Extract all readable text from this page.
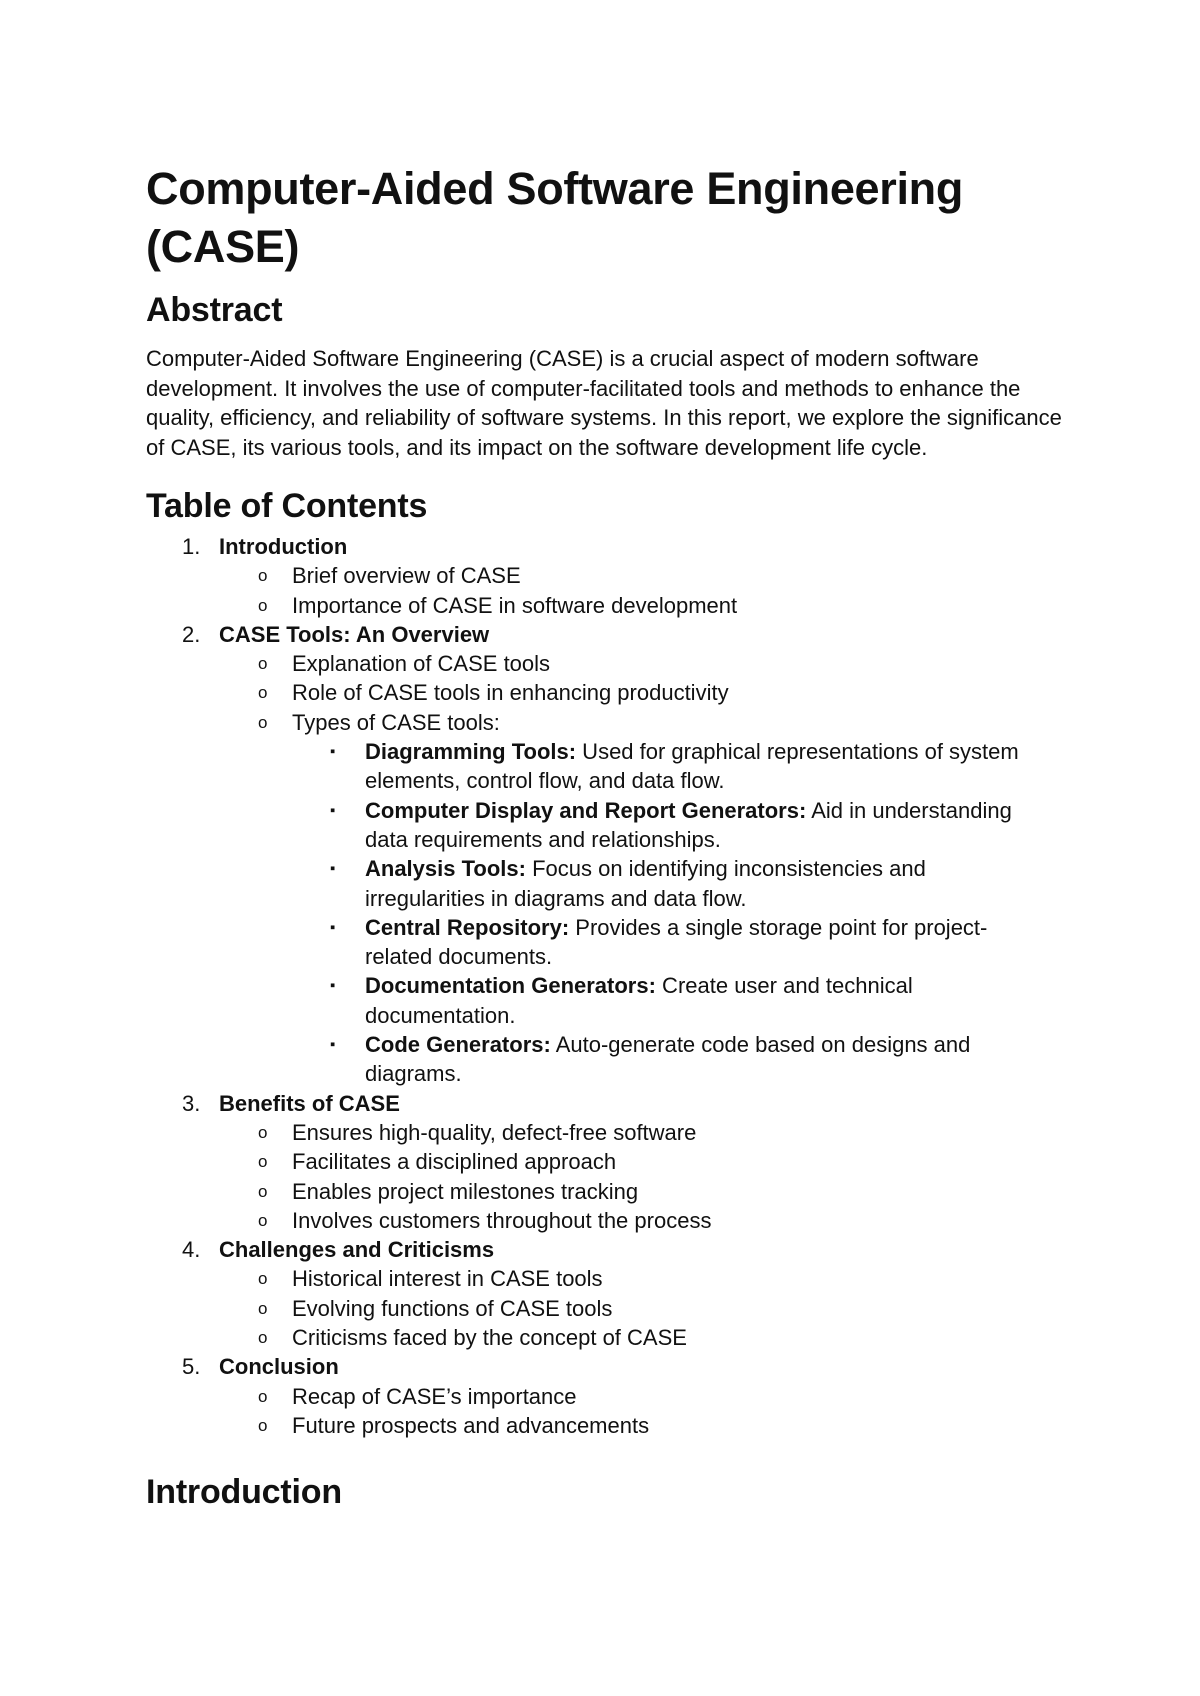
Computer-Aided Software Engineering (CASE)
Abstract

Computer-Aided Software Engineering (CASE) is a crucial aspect of modern software development. It involves the use of computer-facilitated tools and methods to enhance the quality, efficiency, and reliability of software systems. In this report, we explore the significance of CASE, its various tools, and its impact on the software development life cycle.

Table of Contents
1. Introduction
o Brief overview of CASE
o Importance of CASE in software development
2. CASE Tools: An Overview
o Explanation of CASE tools
o Role of CASE tools in enhancing productivity
o Types of CASE tools:
▪ Diagramming Tools: Used for graphical representations of system elements, control flow, and data flow.
▪ Computer Display and Report Generators: Aid in understanding data requirements and relationships.
▪ Analysis Tools: Focus on identifying inconsistencies and irregularities in diagrams and data flow.
▪ Central Repository: Provides a single storage point for project-related documents.
▪ Documentation Generators: Create user and technical documentation.
▪ Code Generators: Auto-generate code based on designs and diagrams.
3. Benefits of CASE
o Ensures high-quality, defect-free software
o Facilitates a disciplined approach
o Enables project milestones tracking
o Involves customers throughout the process
4. Challenges and Criticisms
o Historical interest in CASE tools
o Evolving functions of CASE tools
o Criticisms faced by the concept of CASE
5. Conclusion
o Recap of CASE’s importance
o Future prospects and advancements
Introduction
